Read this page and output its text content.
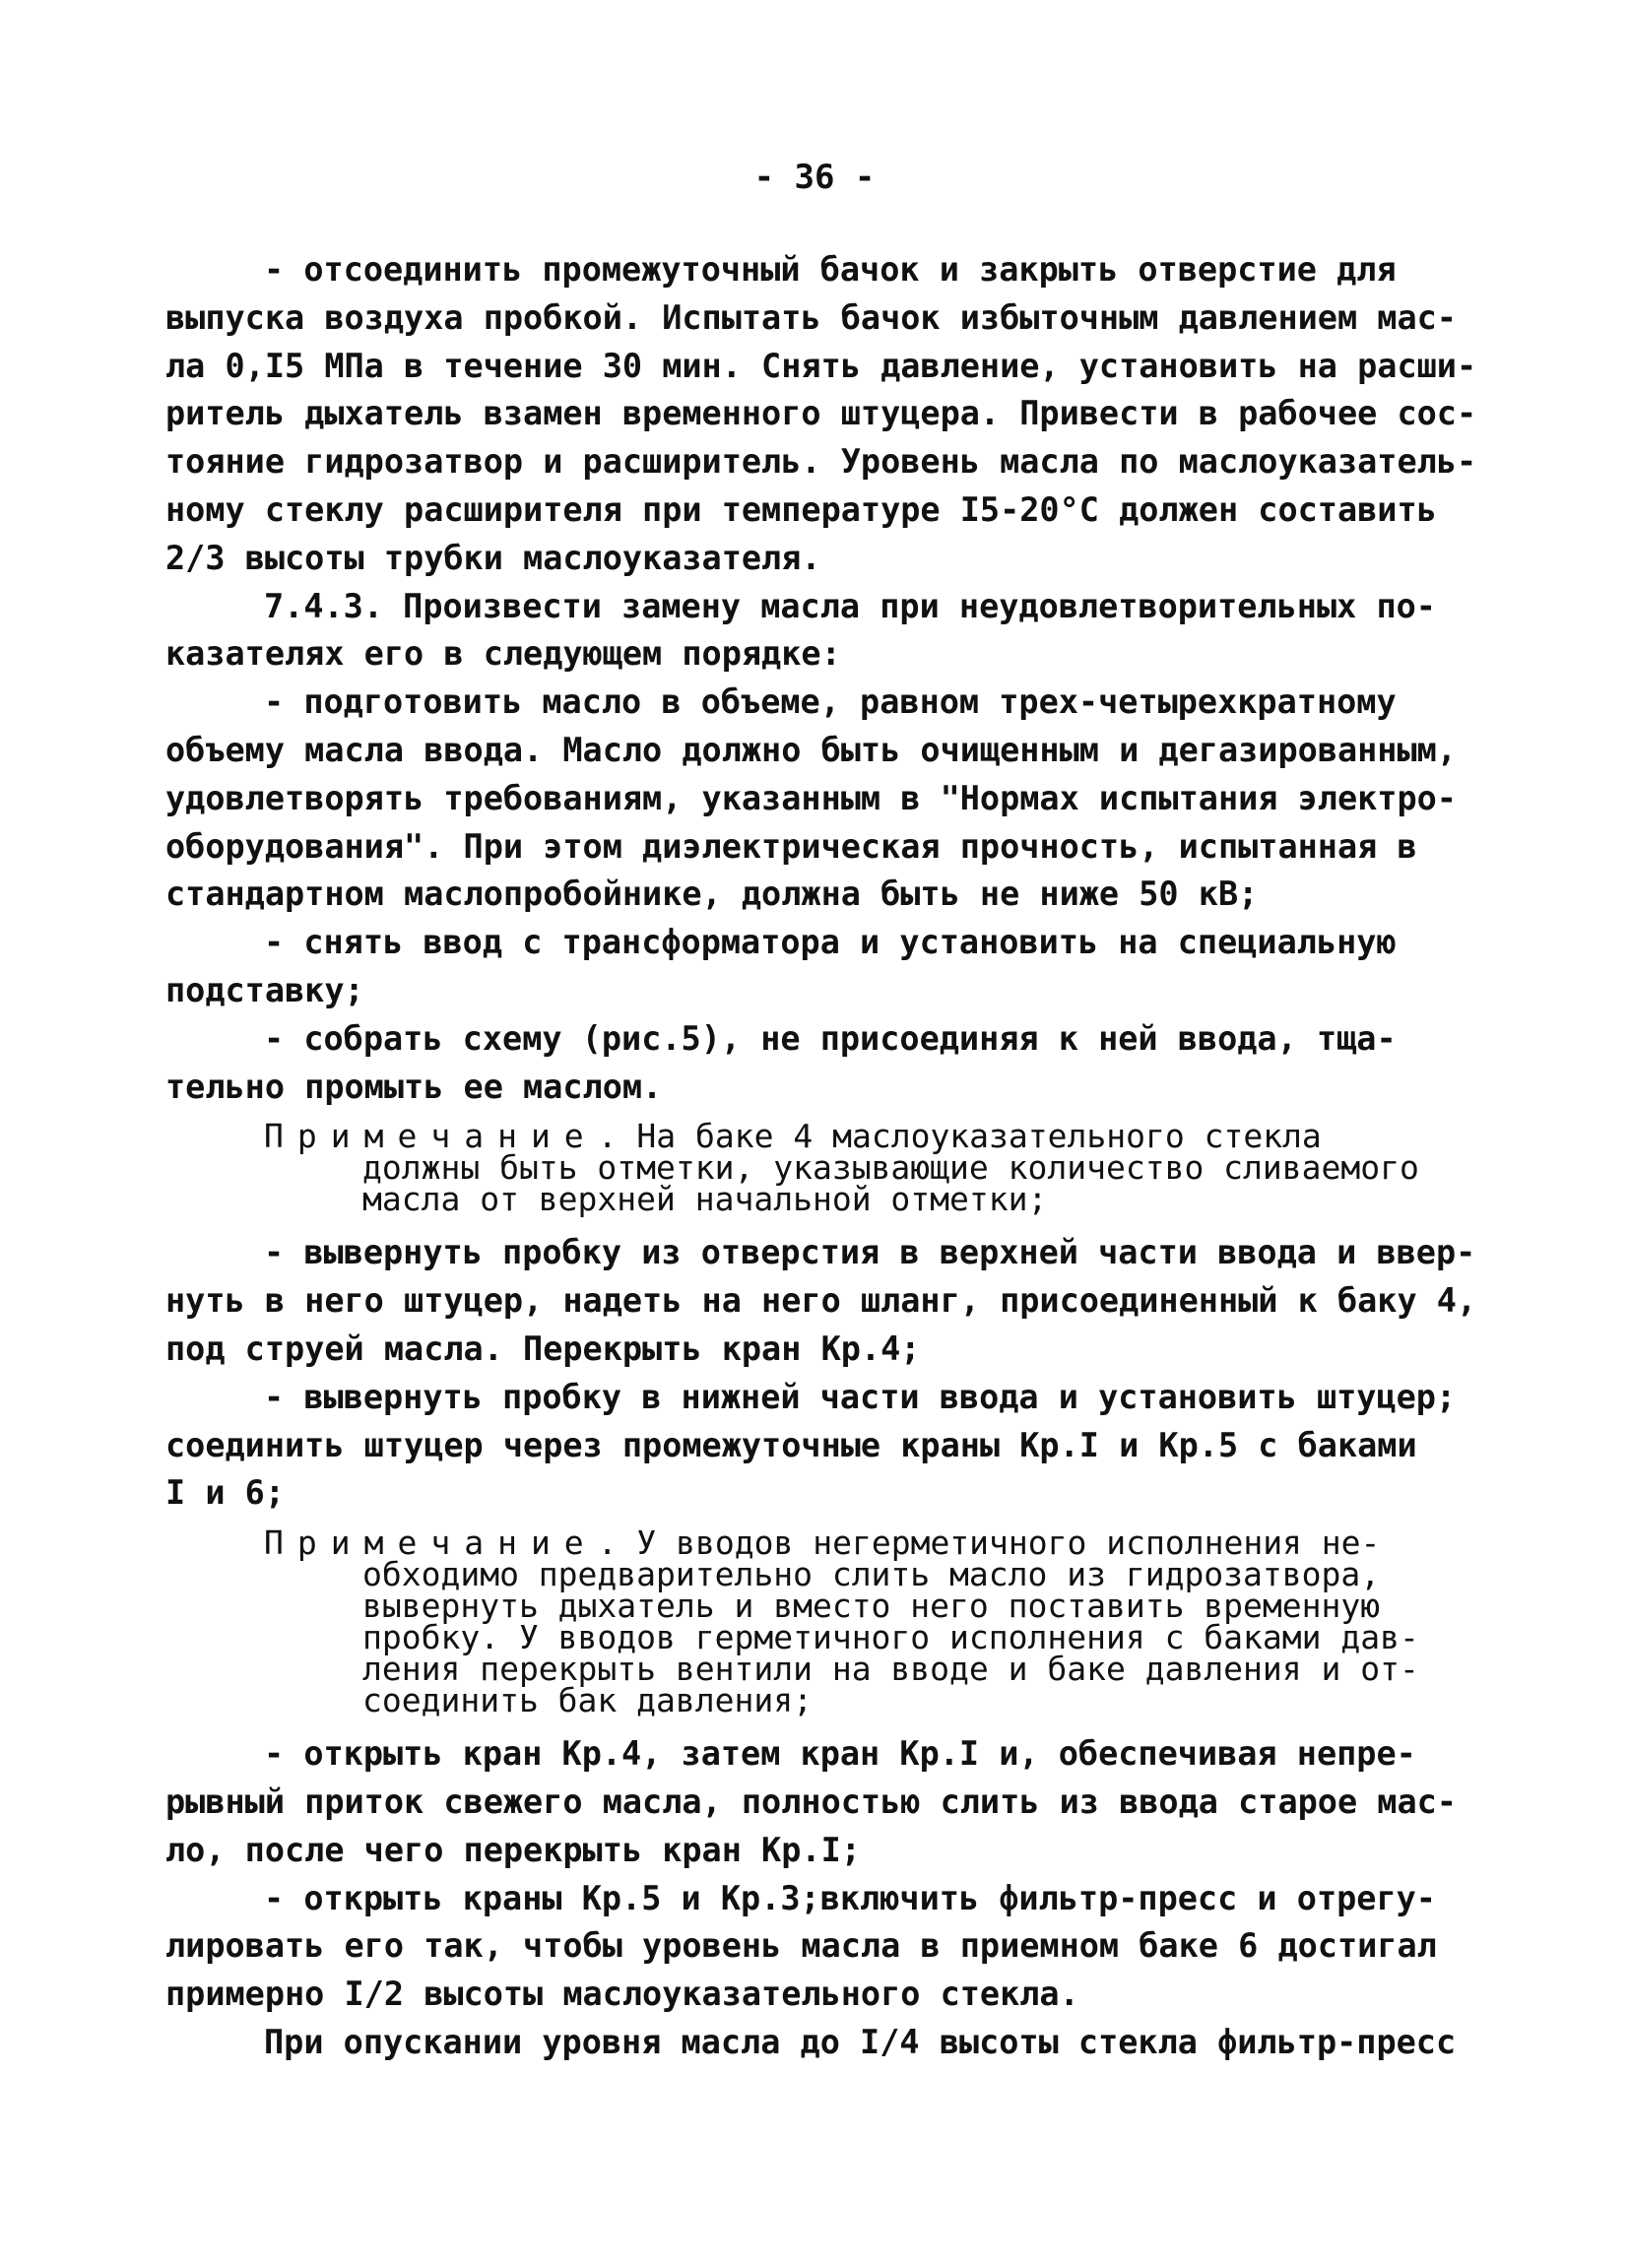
- 36 -
- отсоединить промежуточный бачок и закрыть отверстие для
выпуска воздуха пробкой. Испытать бачок избыточным давлением мас-
ла 0,I5 МПа в течение 30 мин. Снять давление, установить на расши-
ритель дыхатель взамен временного штуцера. Привести в рабочее сос-
тояние гидрозатвор и расширитель. Уровень масла по маслоуказатель-
ному стеклу расширителя при температуре I5-20°С должен составить
2/3 высоты трубки маслоуказателя.
7.4.3. Произвести замену масла при неудовлетворительных по-
казателях его в следующем порядке:
- подготовить масло в объеме, равном трех-четырехкратному
объему масла ввода. Масло должно быть очищенным и дегазированным,
удовлетворять требованиям, указанным в "Нормах испытания электро-
оборудования". При этом диэлектрическая прочность, испытанная в
стандартном маслопробойнике, должна быть не ниже 50 кВ;
- снять ввод с трансформатора и установить на специальную
подставку;
- собрать схему (рис.5), не присоединяя к ней ввода, тща-
тельно промыть ее маслом.
Примечание. На баке 4 маслоуказательного стекла
должны быть отметки, указывающие количество сливаемого
масла от верхней начальной отметки;
- вывернуть пробку из отверстия в верхней части ввода и ввер-
нуть в него штуцер, надеть на него шланг, присоединенный к баку 4,
под струей масла. Перекрыть кран Кр.4;
- вывернуть пробку в нижней части ввода и установить штуцер;
соединить штуцер через промежуточные краны Кр.I и Кр.5 с баками
I и 6;
Примечание. У вводов негерметичного исполнения не-
обходимо предварительно слить масло из гидрозатвора,
вывернуть дыхатель и вместо него поставить временную
пробку. У вводов герметичного исполнения с баками дав-
ления перекрыть вентили на вводе и баке давления и от-
соединить бак давления;
- открыть кран Кр.4, затем кран Кр.I и, обеспечивая непре-
рывный приток свежего масла, полностью слить из ввода старое мас-
ло, после чего перекрыть кран Кр.I;
- открыть краны Кр.5 и Кр.3;включить фильтр-пресс и отрегу-
лировать его так, чтобы уровень масла в приемном баке 6 достигал
примерно I/2 высоты маслоуказательного стекла.
При опускании уровня масла до I/4 высоты стекла фильтр-пресс
